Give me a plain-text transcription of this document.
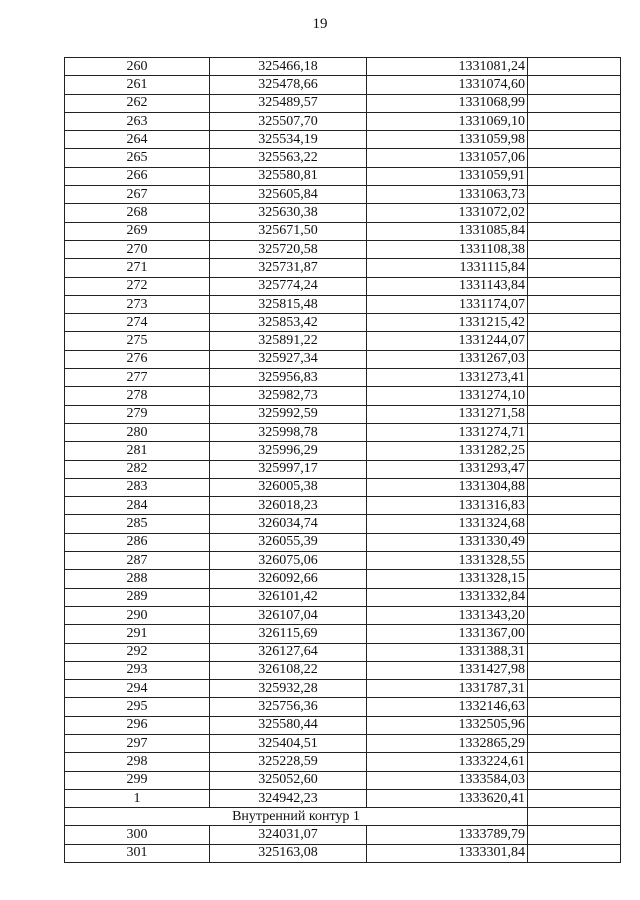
19
260	325466,18	1331081,24	
261	325478,66	1331074,60	
262	325489,57	1331068,99	
263	325507,70	1331069,10	
264	325534,19	1331059,98	
265	325563,22	1331057,06	
266	325580,81	1331059,91	
267	325605,84	1331063,73	
268	325630,38	1331072,02	
269	325671,50	1331085,84	
270	325720,58	1331108,38	
271	325731,87	1331115,84	
272	325774,24	1331143,84	
273	325815,48	1331174,07	
274	325853,42	1331215,42	
275	325891,22	1331244,07	
276	325927,34	1331267,03	
277	325956,83	1331273,41	
278	325982,73	1331274,10	
279	325992,59	1331271,58	
280	325998,78	1331274,71	
281	325996,29	1331282,25	
282	325997,17	1331293,47	
283	326005,38	1331304,88	
284	326018,23	1331316,83	
285	326034,74	1331324,68	
286	326055,39	1331330,49	
287	326075,06	1331328,55	
288	326092,66	1331328,15	
289	326101,42	1331332,84	
290	326107,04	1331343,20	
291	326115,69	1331367,00	
292	326127,64	1331388,31	
293	326108,22	1331427,98	
294	325932,28	1331787,31	
295	325756,36	1332146,63	
296	325580,44	1332505,96	
297	325404,51	1332865,29	
298	325228,59	1333224,61	
299	325052,60	1333584,03	
1	324942,23	1333620,41	
Внутренний контур 1			
300	324031,07	1333789,79	
301	325163,08	1333301,84	
